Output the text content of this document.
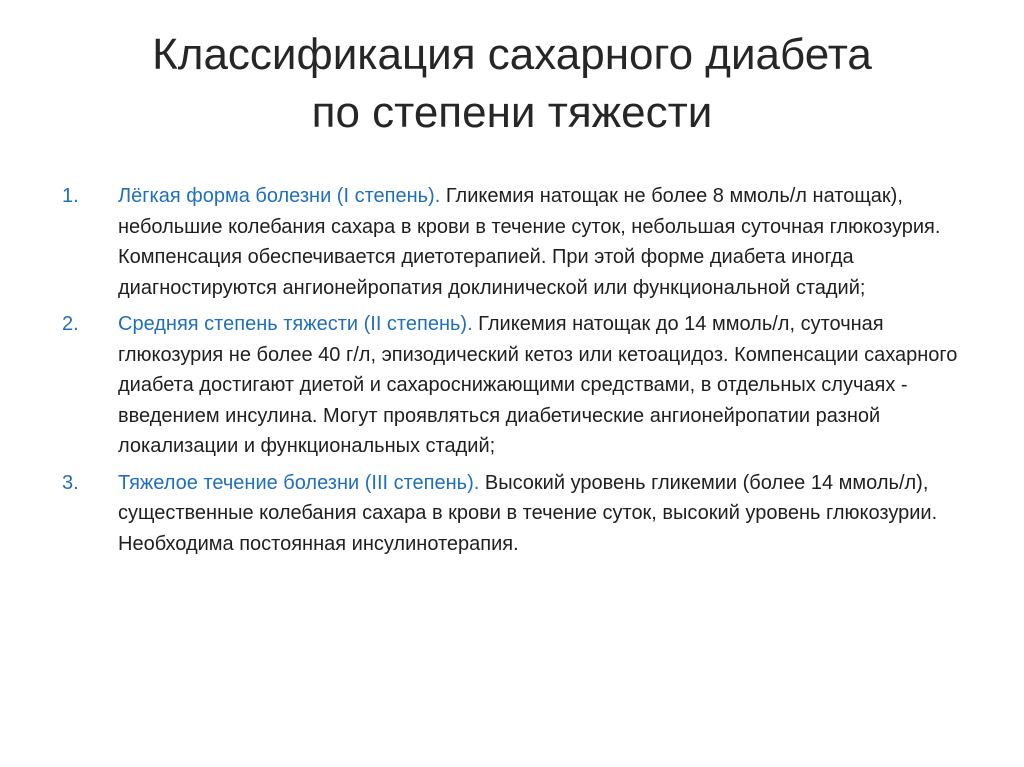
Классификация сахарного диабета
по степени тяжести
1. Лёгкая форма болезни (I степень). Гликемия натощак не более 8 ммоль/л натощак), небольшие колебания сахара в крови в течение суток, небольшая суточная глюкозурия. Компенсация обеспечивается диетотерапией. При этой форме диабета иногда диагностируются ангионейропатия доклинической или функциональной стадий;
2. Средняя степень тяжести (II степень). Гликемия натощак до 14 ммоль/л, суточная глюкозурия не более 40 г/л, эпизодический кетоз или кетоацидоз. Компенсации сахарного диабета достигают диетой и сахароснижающими средствами, в отдельных случаях - введением инсулина. Могут проявляться диабетические ангионейропатии разной локализации и функциональных стадий;
3. Тяжелое течение болезни (III степень). Высокий уровень гликемии (более 14 ммоль/л), существенные колебания сахара в крови в течение суток, высокий уровень глюкозурии. Необходима постоянная инсулинотерапия.
